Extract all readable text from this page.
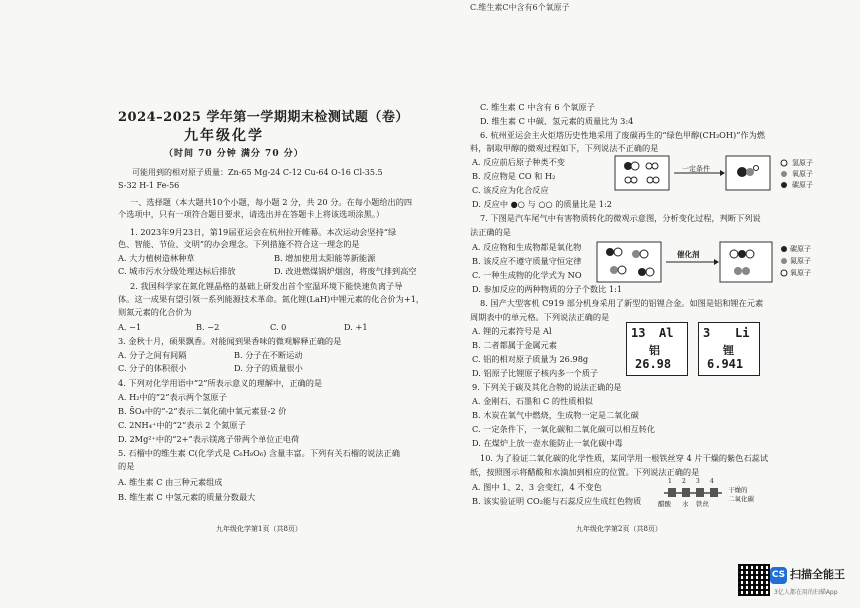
C.维生素C中含有6个氧原子
2024–2025 学年第一学期期末检测试题（卷）
九年级化学
（时间 70 分钟 满分 70 分）
可能用到的相对原子质量：Zn-65 Mg-24 C-12 Cu-64 O-16 Cl-35.5
S-32 H-1 Fe-56
一、选择题（本大题共10个小题，每小题 2 分，共 20 分。在每小题给出的四
个选项中，只有一项符合题目要求，请选出并在答题卡上将该选项涂黑。）
1. 2023年9月23日，第19届亚运会在杭州拉开帷幕。本次运动会坚持“绿
色、智能、节俭、文明”的办会理念。下列措施不符合这一理念的是
A. 大力植树造林种草	B. 增加使用太阳能等新能源
C. 城市污水分级处理达标后排放	D. 改进燃煤锅炉烟囱，将废气排到高空
2. 我国科学家在氮化锂晶格的基础上研发出首个室温环境下能快速负离子导
体。这一成果有望引领一系列能源技术革命。氮化锂(LaH)中锂元素的化合价为+1，
则氮元素的化合价为
A. −1	B. −2	C. 0	D. +1
3. 金秋十月，硕果飘香。对能闻到果香味的微观解释正确的是
A. 分子之间有间隔	B. 分子在不断运动
C. 分子的体积很小	D. 分子的质量很小
4. 下列对化学用语中“2”所表示意义的理解中，正确的是
A. H₂中的“2”表示两个氢原子
B. S̄O₄中的“-2”表示二氧化硫中氧元素显-2 价
C. 2NH₄⁺中的“2”表示 2 个氮原子
D. 2Mg²⁺中的“2+”表示镁离子带两个单位正电荷
5. 石榴中的维生素 C(化学式是 C₆H₈O₆) 含量丰富。下列有关石榴的说法正确
的是
A. 维生素 C 由三种元素组成
B. 维生素 C 中氢元素的质量分数最大
九年级化学第1页（共8页）
C. 维生素 C 中含有 6 个氧原子
D. 维生素 C 中碳、氢元素的质量比为 3:4
6. 杭州亚运会主火炬塔历史性地采用了废碳再生的“绿色甲醇(CH₃OH)”作为燃
料，制取甲醇的微观过程如下，下列说法不正确的是
A. 反应前后原子种类不变
B. 反应物是 CO 和 H₂
C. 该反应为化合反应
D. 反应中 ●○ 与 ○○ 的质量比是 1:2
一定条件
氢原子
氧原子
碳原子
7. 下图是汽车尾气中有害物质转化的微观示意图，分析变化过程，判断下列说
法正确的是
A. 反应物和生成物都是氧化物
B. 该反应不遵守质量守恒定律
C. 一种生成物的化学式为 NO
D. 参加反应的两种物质的分子个数比 1:1
催化剂
碳原子
氮原子
氧原子
8. 国产大型客机 C919 部分机身采用了新型的铝锂合金。如图是铝和锂在元素
周期表中的单元格。下列说法正确的是
A. 锂的元素符号是 Al
B. 二者都属于金属元素
C. 铝的相对原子质量为 26.98g
D. 铝原子比锂原子核内多一个质子
13 Al
铝
26.98
3 Li
锂
6.941
9. 下列关于碳及其化合物的说法正确的是
A. 金刚石、石墨和 C 的性质相似
B. 木炭在氧气中燃烧，生成物一定是二氧化碳
C. 一定条件下，一氧化碳和二氧化碳可以相互转化
D. 在煤炉上放一壶水能防止一氧化碳中毒
10. 为了验证二氧化碳的化学性质，某同学用一根铁丝穿 4 片干燥的紫色石蕊试
纸，按照图示将醋酸和水滴加到相应的位置。下列说法正确的是
A. 图中 1、2、3 会变红，4 不变色
B. 该实验证明 CO₂能与石蕊反应生成红色物质
1 2 3 4
醋酸 水 铁丝
干燥的
二氧化碳
九年级化学第2页（共8页）
CS 扫描全能王
3亿人都在用的扫描App
